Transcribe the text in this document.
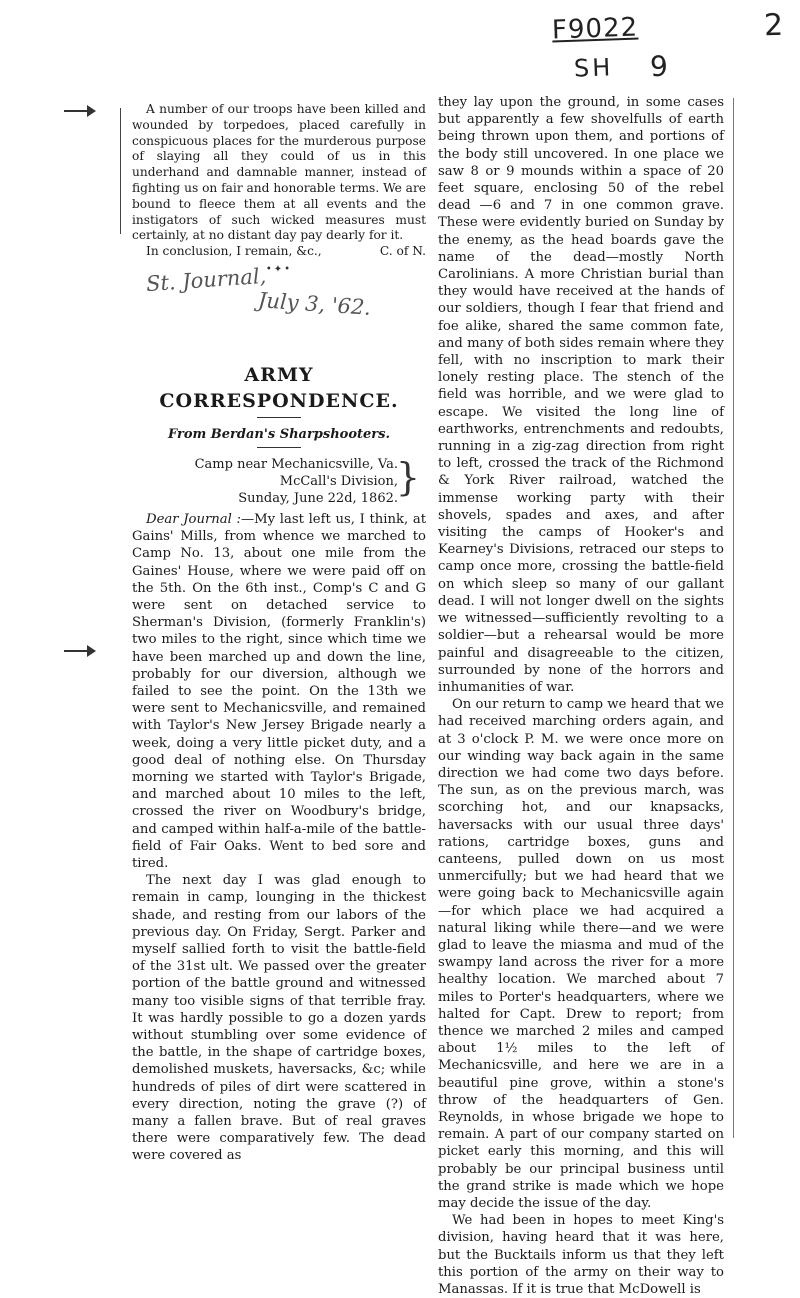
F9022
SH 9
2
St. Journal,
July 3, '62.

A number of our troops have been killed and wounded by torpedoes, placed carefully in conspicuous places for the murderous purpose of slaying all they could of us in this underhand and damnable manner, instead of fighting us on fair and honorable terms. We are bound to fleece them at all events and the instigators of such wicked measures must certainly, at no distant day pay dearly for it.

In conclusion, I remain, &c.,	C. of N.
•✦•
ARMY CORRESPONDENCE.
From Berdan's Sharpshooters.
Camp near Mechanicsville, Va.
McCall's Division,
Sunday, June 22d, 1862.
}

Dear Journal :—My last left us, I think, at Gains' Mills, from whence we marched to Camp No. 13, about one mile from the Gaines' House, where we were paid off on the 5th. On the 6th inst., Comp's C and G were sent on detached service to Sherman's Division, (formerly Franklin's) two miles to the right, since which time we have been marched up and down the line, probably for our diversion, although we failed to see the point. On the 13th we were sent to Mechanicsville, and remained with Taylor's New Jersey Brigade nearly a week, doing a very little picket duty, and a good deal of nothing else. On Thursday morning we started with Taylor's Brigade, and marched about 10 miles to the left, crossed the river on Woodbury's bridge, and camped within half-a-mile of the battle-field of Fair Oaks. Went to bed sore and tired.

The next day I was glad enough to remain in camp, lounging in the thickest shade, and resting from our labors of the previous day. On Friday, Sergt. Parker and myself sallied forth to visit the battle-field of the 31st ult. We passed over the greater portion of the battle ground and witnessed many too visible signs of that terrible fray. It was hardly possible to go a dozen yards without stumbling over some evidence of the battle, in the shape of cartridge boxes, demolished muskets, haversacks, &c; while hundreds of piles of dirt were scattered in every direction, noting the grave (?) of many a fallen brave. But of real graves there were comparatively few. The dead were covered as

they lay upon the ground, in some cases but apparently a few shovelfulls of earth being thrown upon them, and portions of the body still uncovered. In one place we saw 8 or 9 mounds within a space of 20 feet square, enclosing 50 of the rebel dead —6 and 7 in one common grave. These were evidently buried on Sunday by the enemy, as the head boards gave the name of the dead—mostly North Carolinians. A more Christian burial than they would have received at the hands of our soldiers, though I fear that friend and foe alike, shared the same common fate, and many of both sides remain where they fell, with no inscription to mark their lonely resting place. The stench of the field was horrible, and we were glad to escape. We visited the long line of earthworks, entrenchments and redoubts, running in a zig-zag direction from right to left, crossed the track of the Richmond & York River railroad, watched the immense working party with their shovels, spades and axes, and after visiting the camps of Hooker's and Kearney's Divisions, retraced our steps to camp once more, crossing the battle-field on which sleep so many of our gallant dead. I will not longer dwell on the sights we witnessed—sufficiently revolting to a soldier—but a rehearsal would be more painful and disagreeable to the citizen, surrounded by none of the horrors and inhumanities of war.

On our return to camp we heard that we had received marching orders again, and at 3 o'clock P. M. we were once more on our winding way back again in the same direction we had come two days before. The sun, as on the previous march, was scorching hot, and our knapsacks, haversacks with our usual three days' rations, cartridge boxes, guns and canteens, pulled down on us most unmercifully; but we had heard that we were going back to Mechanicsville again—for which place we had acquired a natural liking while there—and we were glad to leave the miasma and mud of the swampy land across the river for a more healthy location. We marched about 7 miles to Porter's headquarters, where we halted for Capt. Drew to report; from thence we marched 2 miles and camped about 1½ miles to the left of Mechanicsville, and here we are in a beautiful pine grove, within a stone's throw of the headquarters of Gen. Reynolds, in whose brigade we hope to remain. A part of our company started on picket early this morning, and this will probably be our principal business until the grand strike is made which we hope may decide the issue of the day.

We had been in hopes to meet King's division, having heard that it was here, but the Bucktails inform us that they left this portion of the army on their way to Manassas. If it is true that McDowell is
